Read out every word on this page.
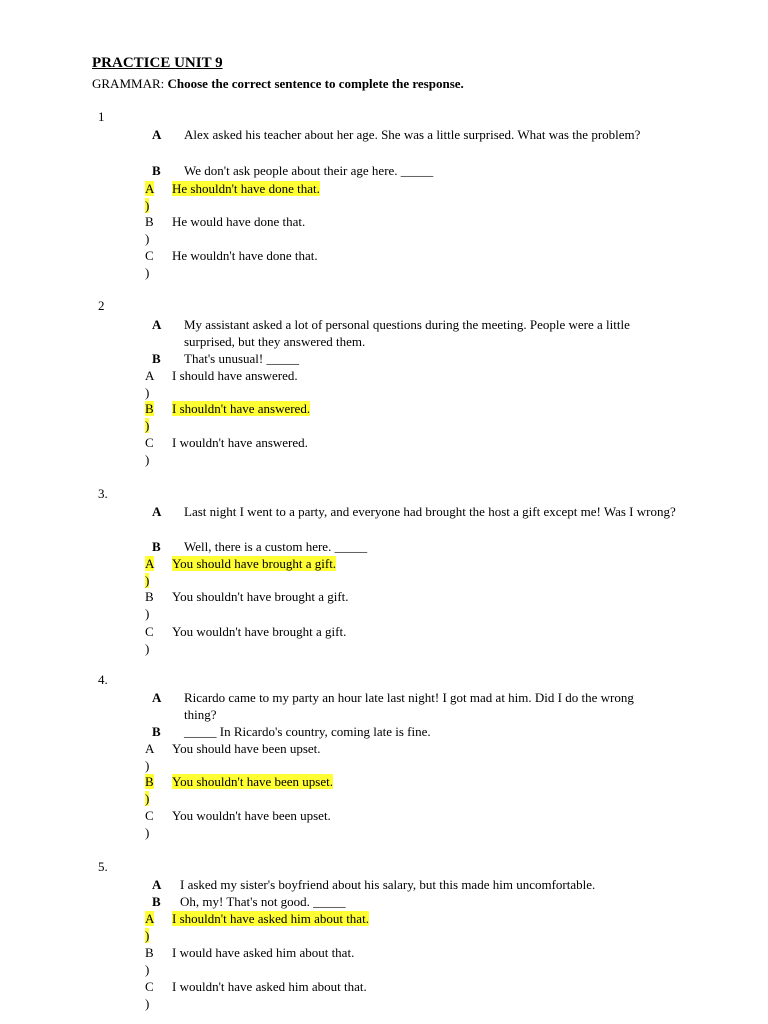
PRACTICE UNIT 9
GRAMMAR: Choose the correct sentence to complete the response.
1
A Alex asked his teacher about her age. She was a little surprised. What was the problem?
B We don't ask people about their age here. _____
A
)
He shouldn't have done that.
B
)
He would have done that.
C
)
He wouldn't have done that.
2
A My assistant asked a lot of personal questions during the meeting. People were a little surprised, but they answered them.
B That's unusual! _____
A
)
I should have answered.
B
)
I shouldn't have answered.
C
)
I wouldn't have answered.
3.
A Last night I went to a party, and everyone had brought the host a gift except me! Was I wrong?
B Well, there is a custom here. _____
A
)
You should have brought a gift.
B
)
You shouldn't have brought a gift.
C
)
You wouldn't have brought a gift.
4.
A Ricardo came to my party an hour late last night! I got mad at him. Did I do the wrong thing?
B _____ In Ricardo's country, coming late is fine.
A
)
You should have been upset.
B
)
You shouldn't have been upset.
C
)
You wouldn't have been upset.
5.
A I asked my sister's boyfriend about his salary, but this made him uncomfortable.
B Oh, my! That's not good. _____
A
)
I shouldn't have asked him about that.
B
)
I would have asked him about that.
C
)
I wouldn't have asked him about that.
